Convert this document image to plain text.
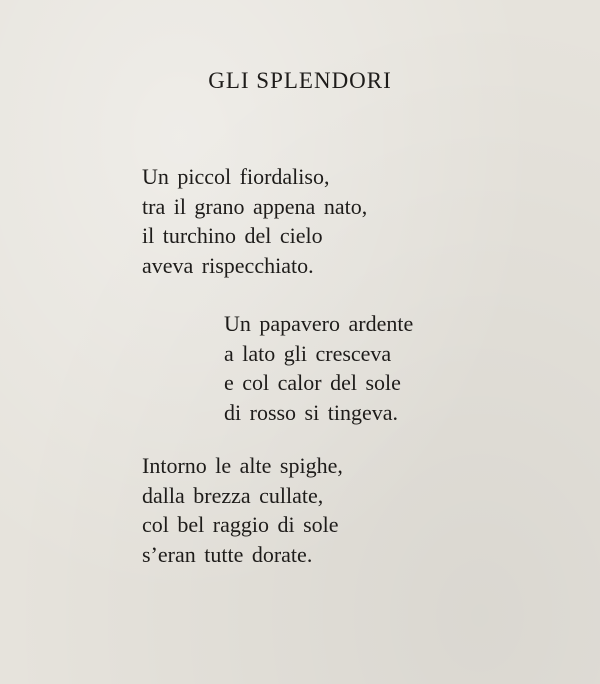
GLI SPLENDORI
Un piccol fiordaliso,
tra il grano appena nato,
il turchino del cielo
aveva rispecchiato.
Un papavero ardente
a lato gli cresceva
e col calor del sole
di rosso si tingeva.
Intorno le alte spighe,
dalla brezza cullate,
col bel raggio di sole
s’eran tutte dorate.
